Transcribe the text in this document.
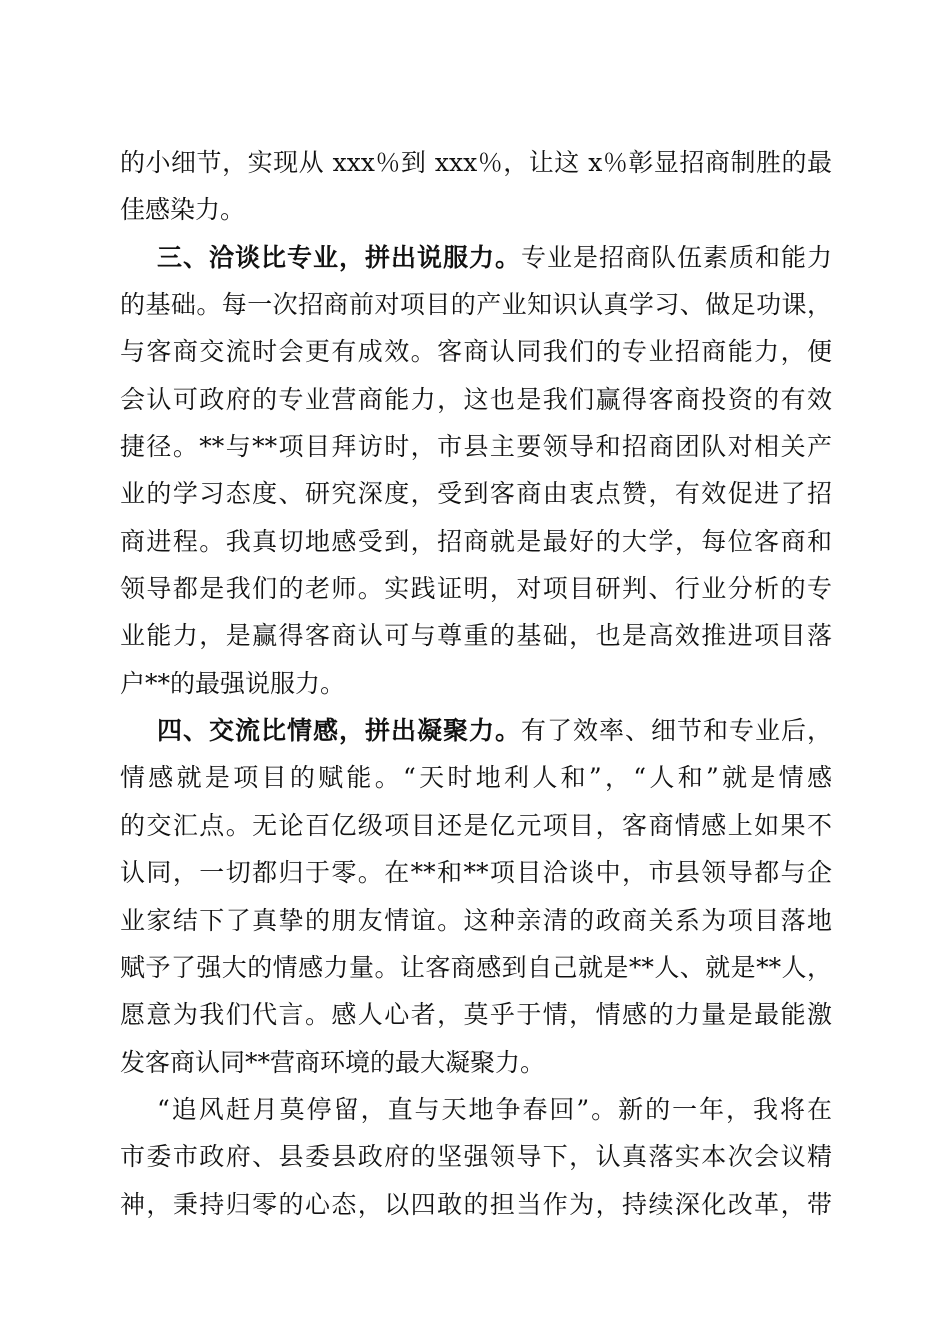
的小细节，实现从 xxx％到 xxx％，让这 x％彰显招商制胜的最
佳感染力。
三、洽谈比专业，拼出说服力。专业是招商队伍素质和能力
的基础。每一次招商前对项目的产业知识认真学习、做足功课，
与客商交流时会更有成效。客商认同我们的专业招商能力，便
会认可政府的专业营商能力，这也是我们赢得客商投资的有效
捷径。**与**项目拜访时，市县主要领导和招商团队对相关产
业的学习态度、研究深度，受到客商由衷点赞，有效促进了招
商进程。我真切地感受到，招商就是最好的大学，每位客商和
领导都是我们的老师。实践证明，对项目研判、行业分析的专
业能力，是赢得客商认可与尊重的基础，也是高效推进项目落
户**的最强说服力。
四、交流比情感，拼出凝聚力。有了效率、细节和专业后，
情感就是项目的赋能。“天时地利人和”，“人和”就是情感
的交汇点。无论百亿级项目还是亿元项目，客商情感上如果不
认同，一切都归于零。在**和**项目洽谈中，市县领导都与企
业家结下了真挚的朋友情谊。这种亲清的政商关系为项目落地
赋予了强大的情感力量。让客商感到自己就是**人、就是**人，
愿意为我们代言。感人心者，莫乎于情，情感的力量是最能激
发客商认同**营商环境的最大凝聚力。
“追风赶月莫停留，直与天地争春回”。新的一年，我将在
市委市政府、县委县政府的坚强领导下，认真落实本次会议精
神，秉持归零的心态，以四敢的担当作为，持续深化改革，带
